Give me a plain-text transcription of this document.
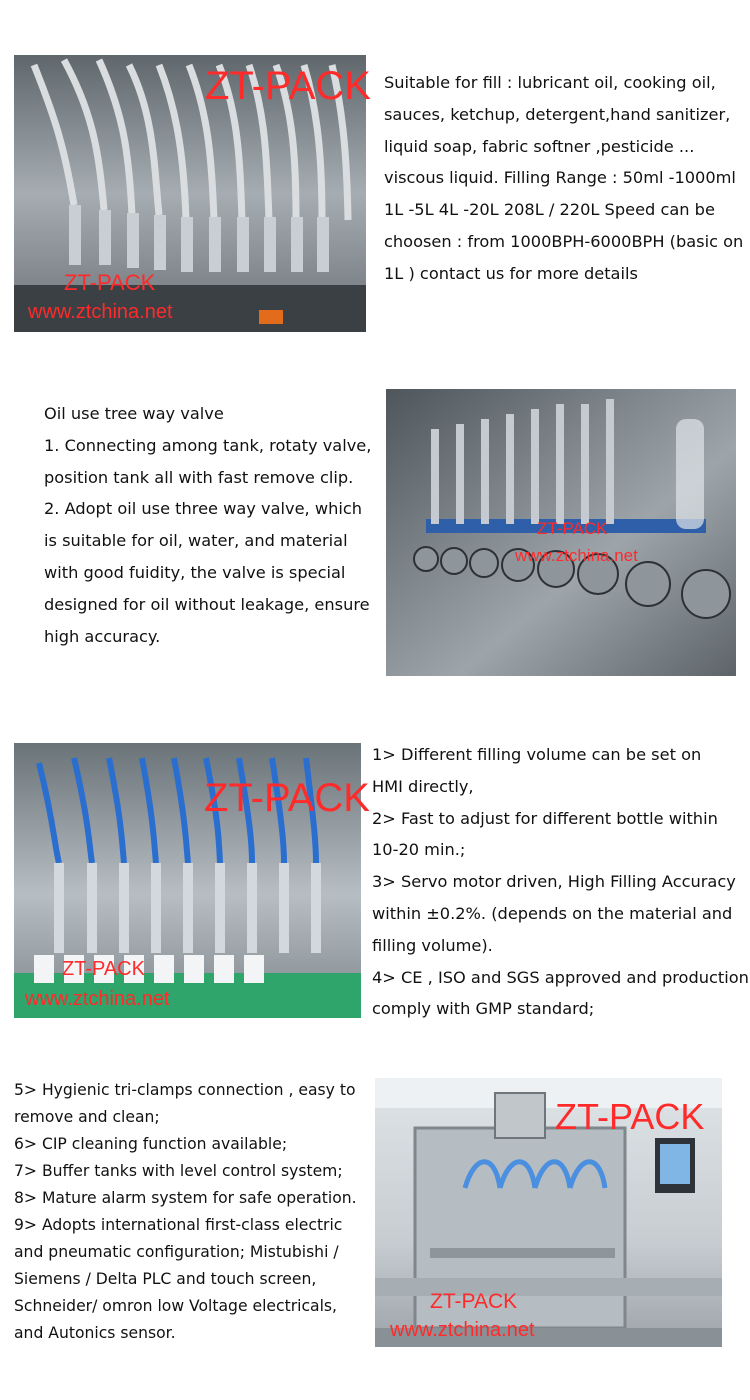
ZT-PACK
ZT-PACK
www.ztchina.net
Suitable for fill : lubricant oil, cooking oil,
sauces, ketchup, detergent,hand sanitizer,
liquid soap, fabric softner ,pesticide ...
viscous liquid. Filling Range : 50ml -1000ml
1L -5L 4L -20L 208L / 220L Speed can be
choosen : from 1000BPH-6000BPH (basic on
1L ) contact us for more details
Oil use tree way valve
1. Connecting among tank, rotaty valve,
position tank all with fast remove clip.
2. Adopt oil use three way valve, which
is suitable for oil, water, and material
with good fuidity, the valve is special
designed for oil without leakage, ensure
high accuracy.
ZT-PACK
www.ztchina.net
ZT-PACK
ZT-PACK
www.ztchina.net
1> Different filling volume can be set on
HMI directly,
2> Fast to adjust for different bottle within
10-20 min.;
3> Servo motor driven, High Filling Accuracy
within ±0.2%. (depends on the material and
filling volume).
4> CE , ISO and SGS approved and production
comply with GMP standard;
5> Hygienic tri-clamps connection , easy to
remove and clean;
6> CIP cleaning function available;
7> Buffer tanks with level control system;
8> Mature alarm system for safe operation.
9> Adopts international first-class electric
and pneumatic configuration; Mistubishi /
Siemens / Delta PLC and touch screen,
Schneider/ omron low Voltage electricals,
and Autonics sensor.
ZT-PACK
ZT-PACK
www.ztchina.net
